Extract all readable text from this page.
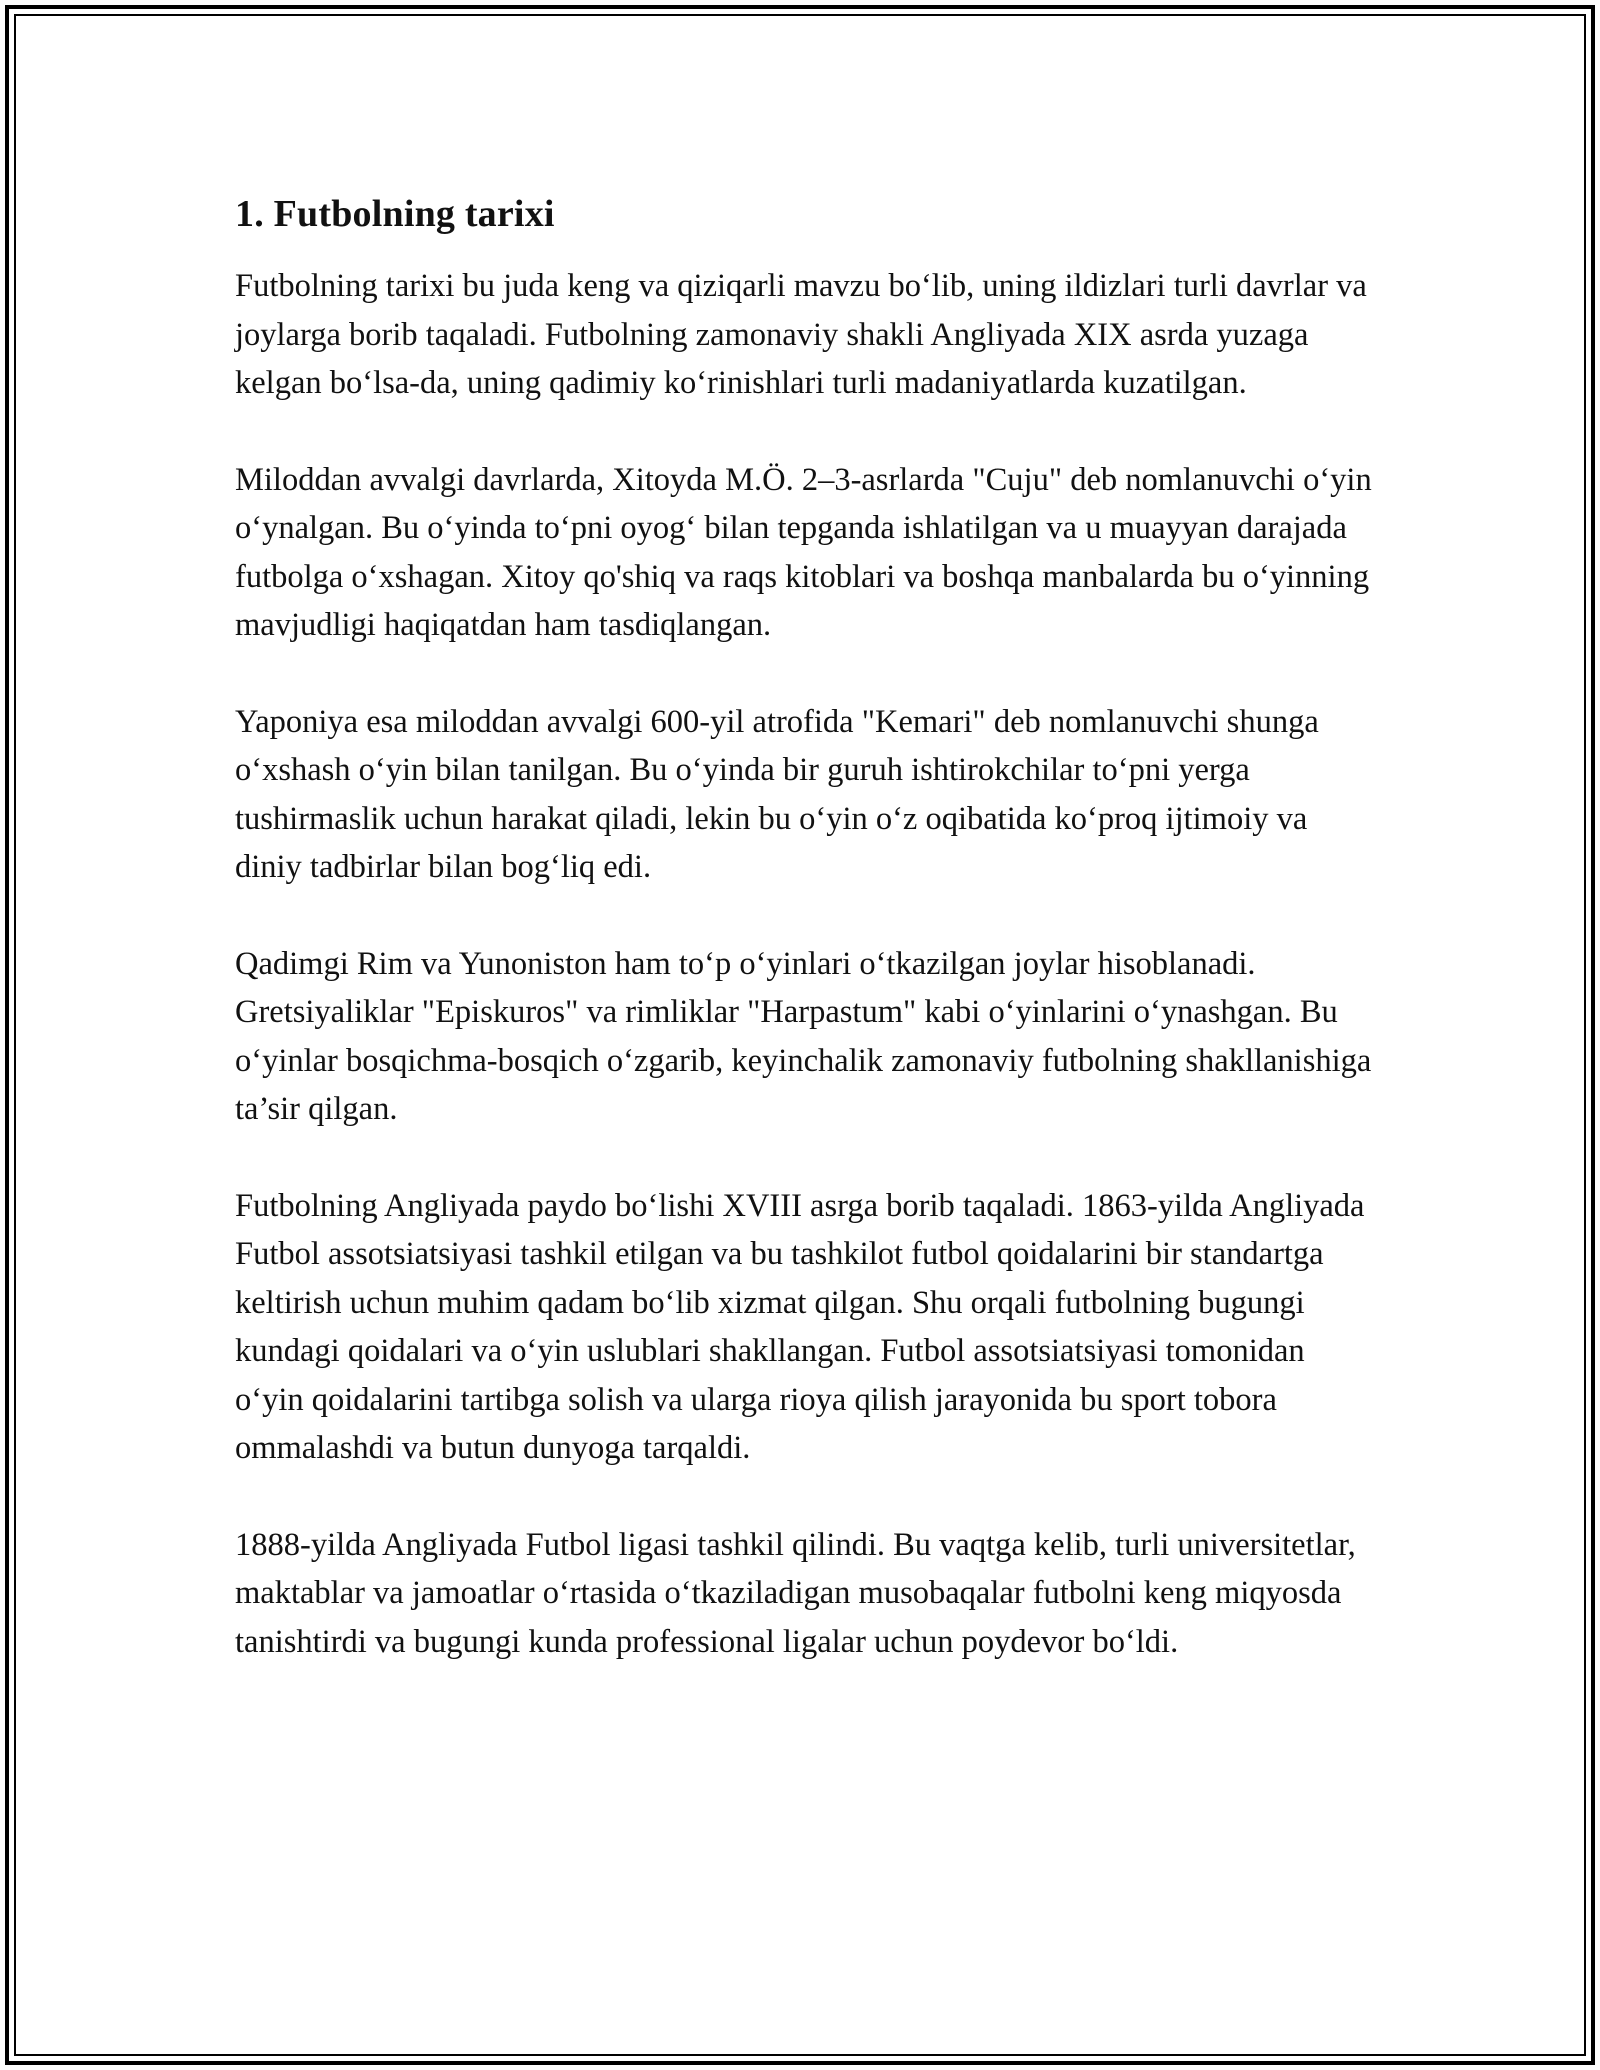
1. Futbolning tarixi

Futbolning tarixi bu juda keng va qiziqarli mavzu bo‘lib, uning ildizlari turli davrlar va joylarga borib taqaladi. Futbolning zamonaviy shakli Angliyada XIX asrda yuzaga kelgan bo‘lsa-da, uning qadimiy ko‘rinishlari turli madaniyatlarda kuzatilgan.

Miloddan avvalgi davrlarda, Xitoyda M.Ö. 2–3-asrlarda "Cuju" deb nomlanuvchi o‘yin o‘ynalgan. Bu o‘yinda to‘pni oyog‘ bilan tepganda ishlatilgan va u muayyan darajada futbolga o‘xshagan. Xitoy qo'shiq va raqs kitoblari va boshqa manbalarda bu o‘yinning mavjudligi haqiqatdan ham tasdiqlangan.

Yaponiya esa miloddan avvalgi 600-yil atrofida "Kemari" deb nomlanuvchi shunga o‘xshash o‘yin bilan tanilgan. Bu o‘yinda bir guruh ishtirokchilar to‘pni yerga tushirmaslik uchun harakat qiladi, lekin bu o‘yin o‘z oqibatida ko‘proq ijtimoiy va diniy tadbirlar bilan bog‘liq edi.

Qadimgi Rim va Yunoniston ham to‘p o‘yinlari o‘tkazilgan joylar hisoblanadi. Gretsiyaliklar "Episkuros" va rimliklar "Harpastum" kabi o‘yinlarini o‘ynashgan. Bu o‘yinlar bosqichma-bosqich o‘zgarib, keyinchalik zamonaviy futbolning shakllanishiga ta’sir qilgan.

Futbolning Angliyada paydo bo‘lishi XVIII asrga borib taqaladi. 1863-yilda Angliyada Futbol assotsiatsiyasi tashkil etilgan va bu tashkilot futbol qoidalarini bir standartga keltirish uchun muhim qadam bo‘lib xizmat qilgan. Shu orqali futbolning bugungi kundagi qoidalari va o‘yin uslublari shakllangan. Futbol assotsiatsiyasi tomonidan o‘yin qoidalarini tartibga solish va ularga rioya qilish jarayonida bu sport tobora ommalashdi va butun dunyoga tarqaldi.

1888-yilda Angliyada Futbol ligasi tashkil qilindi. Bu vaqtga kelib, turli universitetlar, maktablar va jamoatlar o‘rtasida o‘tkaziladigan musobaqalar futbolni keng miqyosda tanishtirdi va bugungi kunda professional ligalar uchun poydevor bo‘ldi.
